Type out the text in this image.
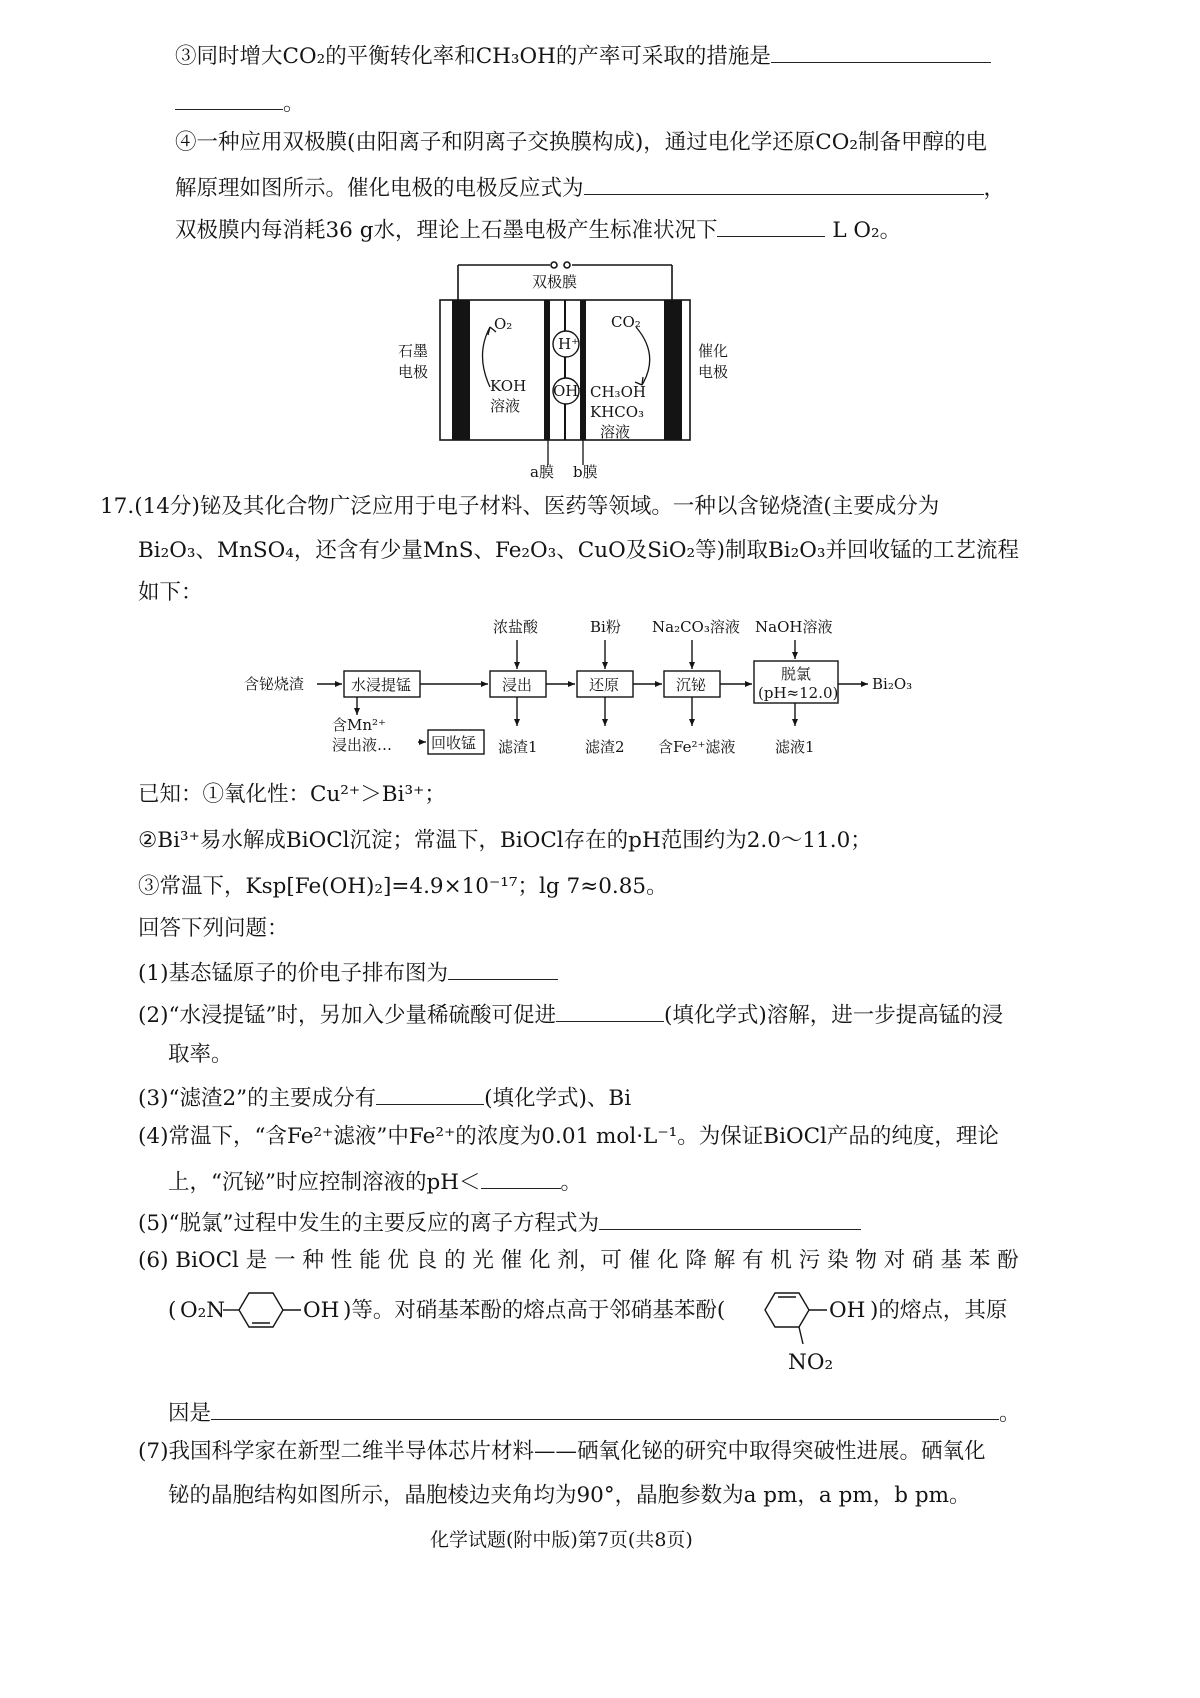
③同时增大CO₂的平衡转化率和CH₃OH的产率可采取的措施是
。
④一种应用双极膜(由阳离子和阴离子交换膜构成)，通过电化学还原CO₂制备甲醇的电
解原理如图所示。催化电极的电极反应式为	，
双极膜内每消耗36 g水，理论上石墨电极产生标准状况下	L O₂。
双极膜
石墨
电极
催化
电极
O₂	CO₂
H⁺
OH⁻
KOH
溶液
CH₃OH
KHCO₃
溶液
a膜 b膜
17.(14分)铋及其化合物广泛应用于电子材料、医药等领域。一种以含铋烧渣(主要成分为
Bi₂O₃、MnSO₄，还含有少量MnS、Fe₂O₃、CuO及SiO₂等)制取Bi₂O₃并回收锰的工艺流程
如下：
浓盐酸	Bi粉 Na₂CO₃溶液 NaOH溶液
含铋烧渣	水浸提锰	浸出	还原	沉铋
脱氯
(pH≈12.0) Bi₂O₃
含Mn²⁺
浸出液…	回收锰 滤渣1	滤渣2 含Fe²⁺滤液	滤液1
已知：①氧化性：Cu²⁺＞Bi³⁺；
②Bi³⁺易水解成BiOCl沉淀；常温下，BiOCl存在的pH范围约为2.0～11.0；
③常温下，Ksp[Fe(OH)₂]=4.9×10⁻¹⁷；lg 7≈0.85。
回答下列问题：
(1)基态锰原子的价电子排布图为
(2)“水浸提锰”时，另加入少量稀硫酸可促进	(填化学式)溶解，进一步提高锰的浸
取率。
(3)“滤渣2”的主要成分有	(填化学式)、Bi
(4)常温下，“含Fe²⁺滤液”中Fe²⁺的浓度为0.01 mol·L⁻¹。为保证BiOCl产品的纯度，理论
上，“沉铋”时应控制溶液的pH＜	。
(5)“脱氯”过程中发生的主要反应的离子方程式为
(6) BiOCl 是 一 种 性 能 优 良 的 光 催 化 剂，可 催 化 降 解 有 机 污 染 物 对 硝 基 苯 酚
( O₂N	OH )等。对硝基苯酚的熔点高于邻硝基苯酚(	OH )的熔点，其原
NO₂
因是	。
(7)我国科学家在新型二维半导体芯片材料——硒氧化铋的研究中取得突破性进展。硒氧化
铋的晶胞结构如图所示，晶胞棱边夹角均为90°，晶胞参数为a pm，a pm，b pm。
化学试题(附中版)第7页(共8页)
